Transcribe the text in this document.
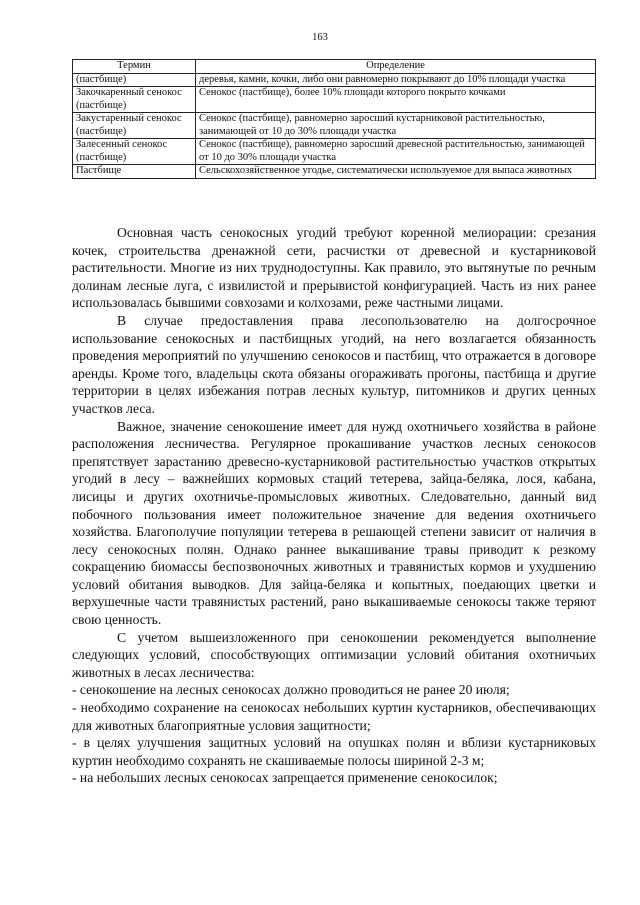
163
Термин	Определение
(пастбище)	деревья, камни, кочки, либо они равномерно покрывают до 10% площади участка
Закочкаренный сенокос (пастбище)	Сенокос (пастбище), более 10% площади которого покрыто кочками
Закустаренный сенокос (пастбище)	Сенокос (пастбище), равномерно заросший кустарниковой растительностью, занимающей от 10 до 30% площади участка
Залесенный сенокос (пастбище)	Сенокос (пастбище), равномерно заросший древесной растительностью, занимающей от 10 до 30% площади участка
Пастбище	Сельскохозяйственное угодье, систематически используемое для выпаса животных

Основная часть сенокосных угодий требуют коренной мелиорации: срезания кочек, строительства дренажной сети, расчистки от древесной и кустарниковой растительности. Многие из них труднодоступны. Как правило, это вытянутые по речным долинам лесные луга, с извилистой и прерывистой конфигурацией. Часть из них ранее использовалась бывшими совхозами и колхозами, реже частными лицами.

В случае предоставления права лесопользователю на долгосрочное использование сенокосных и пастбищных угодий, на него возлагается обязанность проведения мероприятий по улучшению сенокосов и пастбищ, что отражается в договоре аренды. Кроме того, владельцы скота обязаны огораживать прогоны, пастбища и другие территории в целях избежания потрав лесных культур, питомников и других ценных участков леса.

Важное, значение сенокошение имеет для нужд охотничьего хозяйства в районе расположения лесничества. Регулярное прокашивание участков лесных сенокосов препятствует зарастанию древесно-кустарниковой растительностью участков открытых угодий в лесу – важнейших кормовых стаций тетерева, зайца-беляка, лося, кабана, лисицы и других охотничье-промысловых животных. Следовательно, данный вид побочного пользования имеет положительное значение для ведения охотничьего хозяйства. Благополучие популяции тетерева в решающей степени зависит от наличия в лесу сенокосных полян. Однако раннее выкашивание травы приводит к резкому сокращению биомассы беспозвоночных животных и травянистых кормов и ухудшению условий обитания выводков. Для зайца-беляка и копытных, поедающих цветки и верхушечные части травянистых растений, рано выкашиваемые сенокосы также теряют свою ценность.

С учетом вышеизложенного при сенокошении рекомендуется выполнение следующих условий, способствующих оптимизации условий обитания охотничьих животных в лесах лесничества:

- сенокошение на лесных сенокосах должно проводиться не ранее 20 июля;

- необходимо сохранение на сенокосах небольших куртин кустарников, обеспечивающих для животных благоприятные условия защитности;

- в целях улучшения защитных условий на опушках полян и вблизи кустарниковых куртин необходимо сохранять не скашиваемые полосы шириной 2-3 м;

- на небольших лесных сенокосах запрещается применение сенокосилок;
